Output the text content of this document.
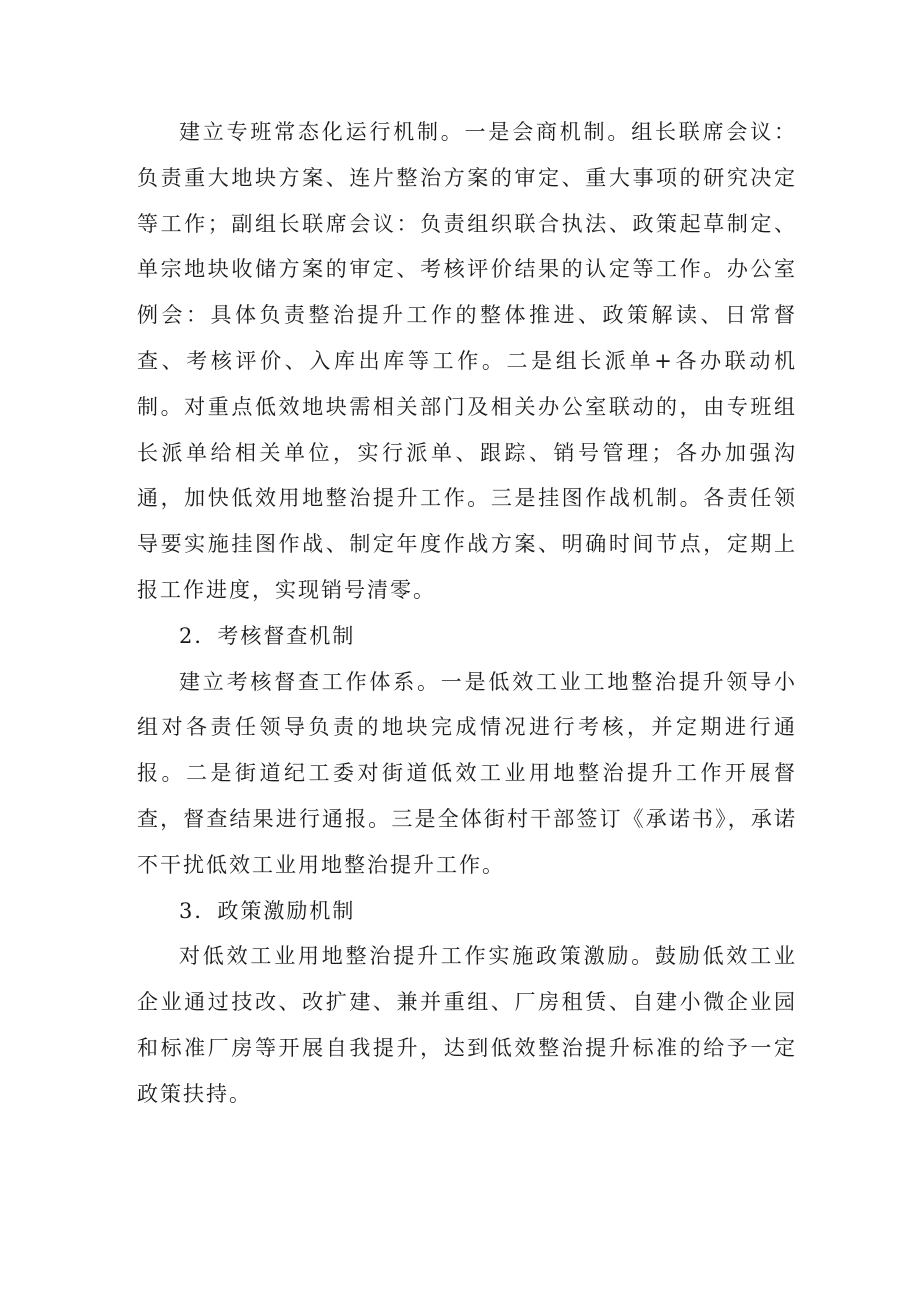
建立专班常态化运行机制。一是会商机制。组长联席会议：负责重大地块方案、连片整治方案的审定、重大事项的研究决定等工作；副组长联席会议：负责组织联合执法、政策起草制定、单宗地块收储方案的审定、考核评价结果的认定等工作。办公室例会：具体负责整治提升工作的整体推进、政策解读、日常督查、考核评价、入库出库等工作。二是组长派单+各办联动机制。对重点低效地块需相关部门及相关办公室联动的，由专班组长派单给相关单位，实行派单、跟踪、销号管理；各办加强沟通，加快低效用地整治提升工作。三是挂图作战机制。各责任领导要实施挂图作战、制定年度作战方案、明确时间节点，定期上报工作进度，实现销号清零。

2．考核督查机制

建立考核督查工作体系。一是低效工业工地整治提升领导小组对各责任领导负责的地块完成情况进行考核，并定期进行通报。二是街道纪工委对街道低效工业用地整治提升工作开展督查，督查结果进行通报。三是全体街村干部签订《承诺书》，承诺不干扰低效工业用地整治提升工作。

3．政策激励机制

对低效工业用地整治提升工作实施政策激励。鼓励低效工业企业通过技改、改扩建、兼并重组、厂房租赁、自建小微企业园和标准厂房等开展自我提升，达到低效整治提升标准的给予一定政策扶持。
